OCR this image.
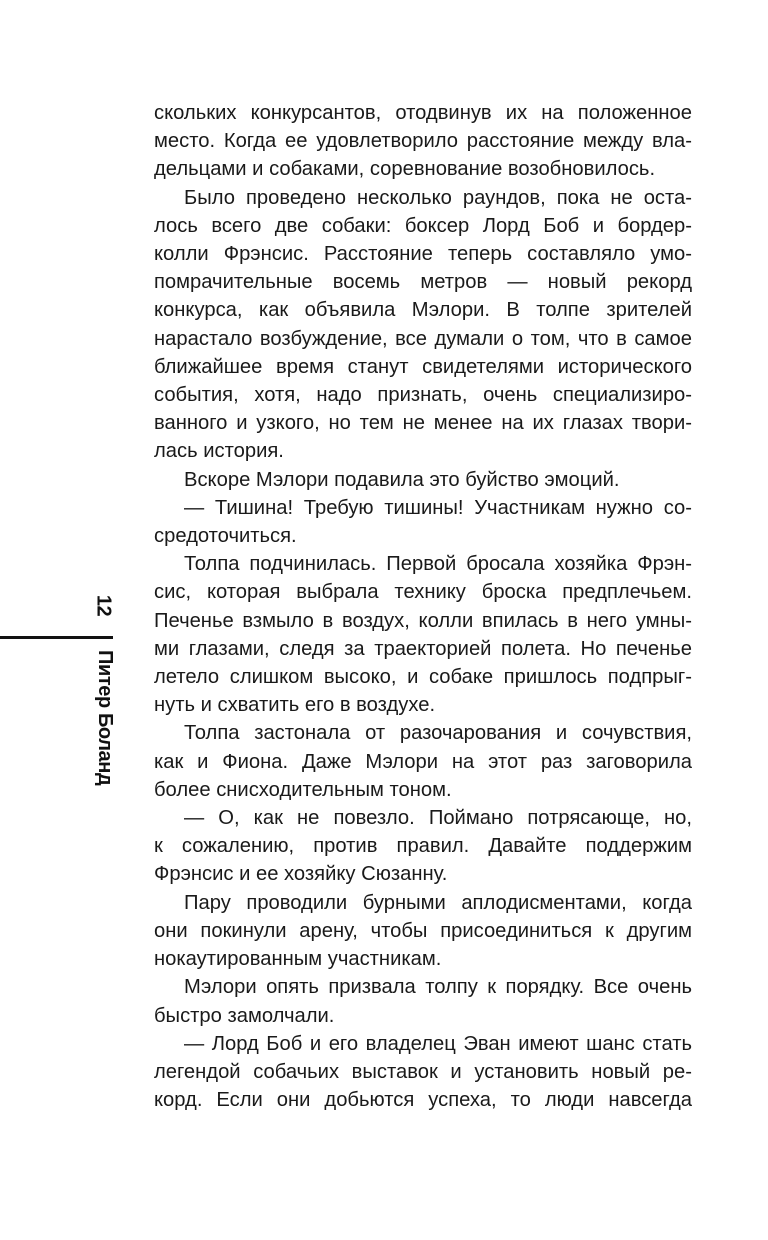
скольких конкурсантов, отодвинув их на положенное
место. Когда ее удовлетворило расстояние между вла-
дельцами и собаками, соревнование возобновилось.
Было проведено несколько раундов, пока не оста-
лось всего две собаки: боксер Лорд Боб и бордер-
колли Фрэнсис. Расстояние теперь составляло умо-
помрачительные восемь метров — новый рекорд
конкурса, как объявила Мэлори. В толпе зрителей
нарастало возбуждение, все думали о том, что в самое
ближайшее время станут свидетелями исторического
события, хотя, надо признать, очень специализиро-
ванного и узкого, но тем не менее на их глазах твори-
лась история.
Вскоре Мэлори подавила это буйство эмоций.
— Тишина! Требую тишины! Участникам нужно со-
средоточиться.
Толпа подчинилась. Первой бросала хозяйка Фрэн-
сис, которая выбрала технику броска предплечьем.
Печенье взмыло в воздух, колли впилась в него умны-
ми глазами, следя за траекторией полета. Но печенье
летело слишком высоко, и собаке пришлось подпрыг-
нуть и схватить его в воздухе.
Толпа застонала от разочарования и сочувствия,
как и Фиона. Даже Мэлори на этот раз заговорила
более снисходительным тоном.
— О, как не повезло. Поймано потрясающе, но,
к сожалению, против правил. Давайте поддержим
Фрэнсис и ее хозяйку Сюзанну.
Пару проводили бурными аплодисментами, когда
они покинули арену, чтобы присоединиться к другим
нокаутированным участникам.
Мэлори опять призвала толпу к порядку. Все очень
быстро замолчали.
— Лорд Боб и его владелец Эван имеют шанс стать
легендой собачьих выставок и установить новый ре-
корд. Если они добьются успеха, то люди навсегда
12
Питер Боланд
